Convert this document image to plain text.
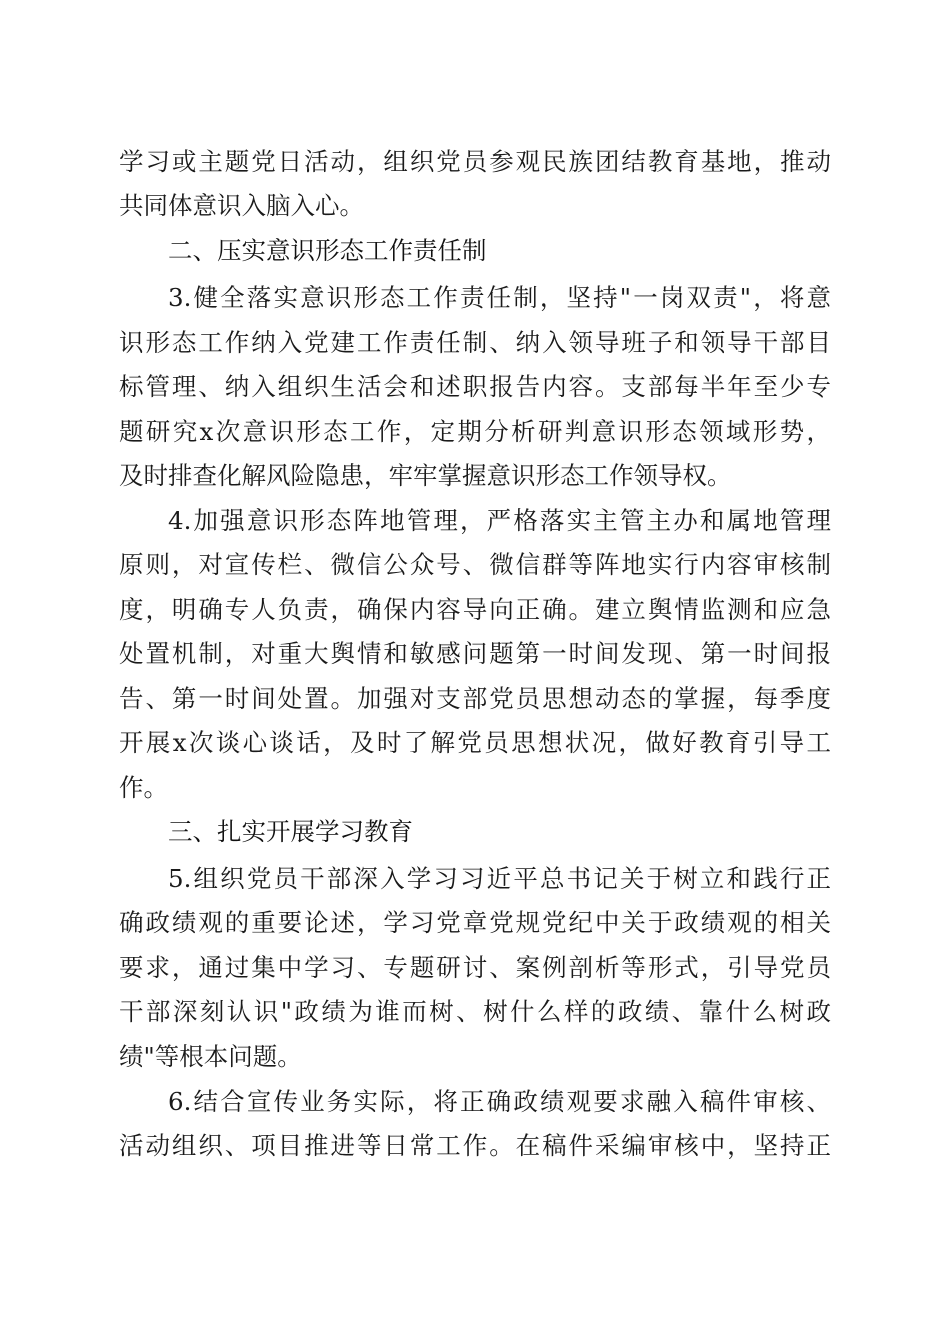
学习或主题党日活动，组织党员参观民族团结教育基地，推动
共同体意识入脑入心。
二、压实意识形态工作责任制
3.健全落实意识形态工作责任制，坚持"一岗双责"，将意
识形态工作纳入党建工作责任制、纳入领导班子和领导干部目
标管理、纳入组织生活会和述职报告内容。支部每半年至少专
题研究x次意识形态工作，定期分析研判意识形态领域形势，
及时排查化解风险隐患，牢牢掌握意识形态工作领导权。
4.加强意识形态阵地管理，严格落实主管主办和属地管理
原则，对宣传栏、微信公众号、微信群等阵地实行内容审核制
度，明确专人负责，确保内容导向正确。建立舆情监测和应急
处置机制，对重大舆情和敏感问题第一时间发现、第一时间报
告、第一时间处置。加强对支部党员思想动态的掌握，每季度
开展x次谈心谈话，及时了解党员思想状况，做好教育引导工
作。
三、扎实开展学习教育
5.组织党员干部深入学习习近平总书记关于树立和践行正
确政绩观的重要论述，学习党章党规党纪中关于政绩观的相关
要求，通过集中学习、专题研讨、案例剖析等形式，引导党员
干部深刻认识"政绩为谁而树、树什么样的政绩、靠什么树政
绩"等根本问题。
6.结合宣传业务实际，将正确政绩观要求融入稿件审核、
活动组织、项目推进等日常工作。在稿件采编审核中，坚持正
